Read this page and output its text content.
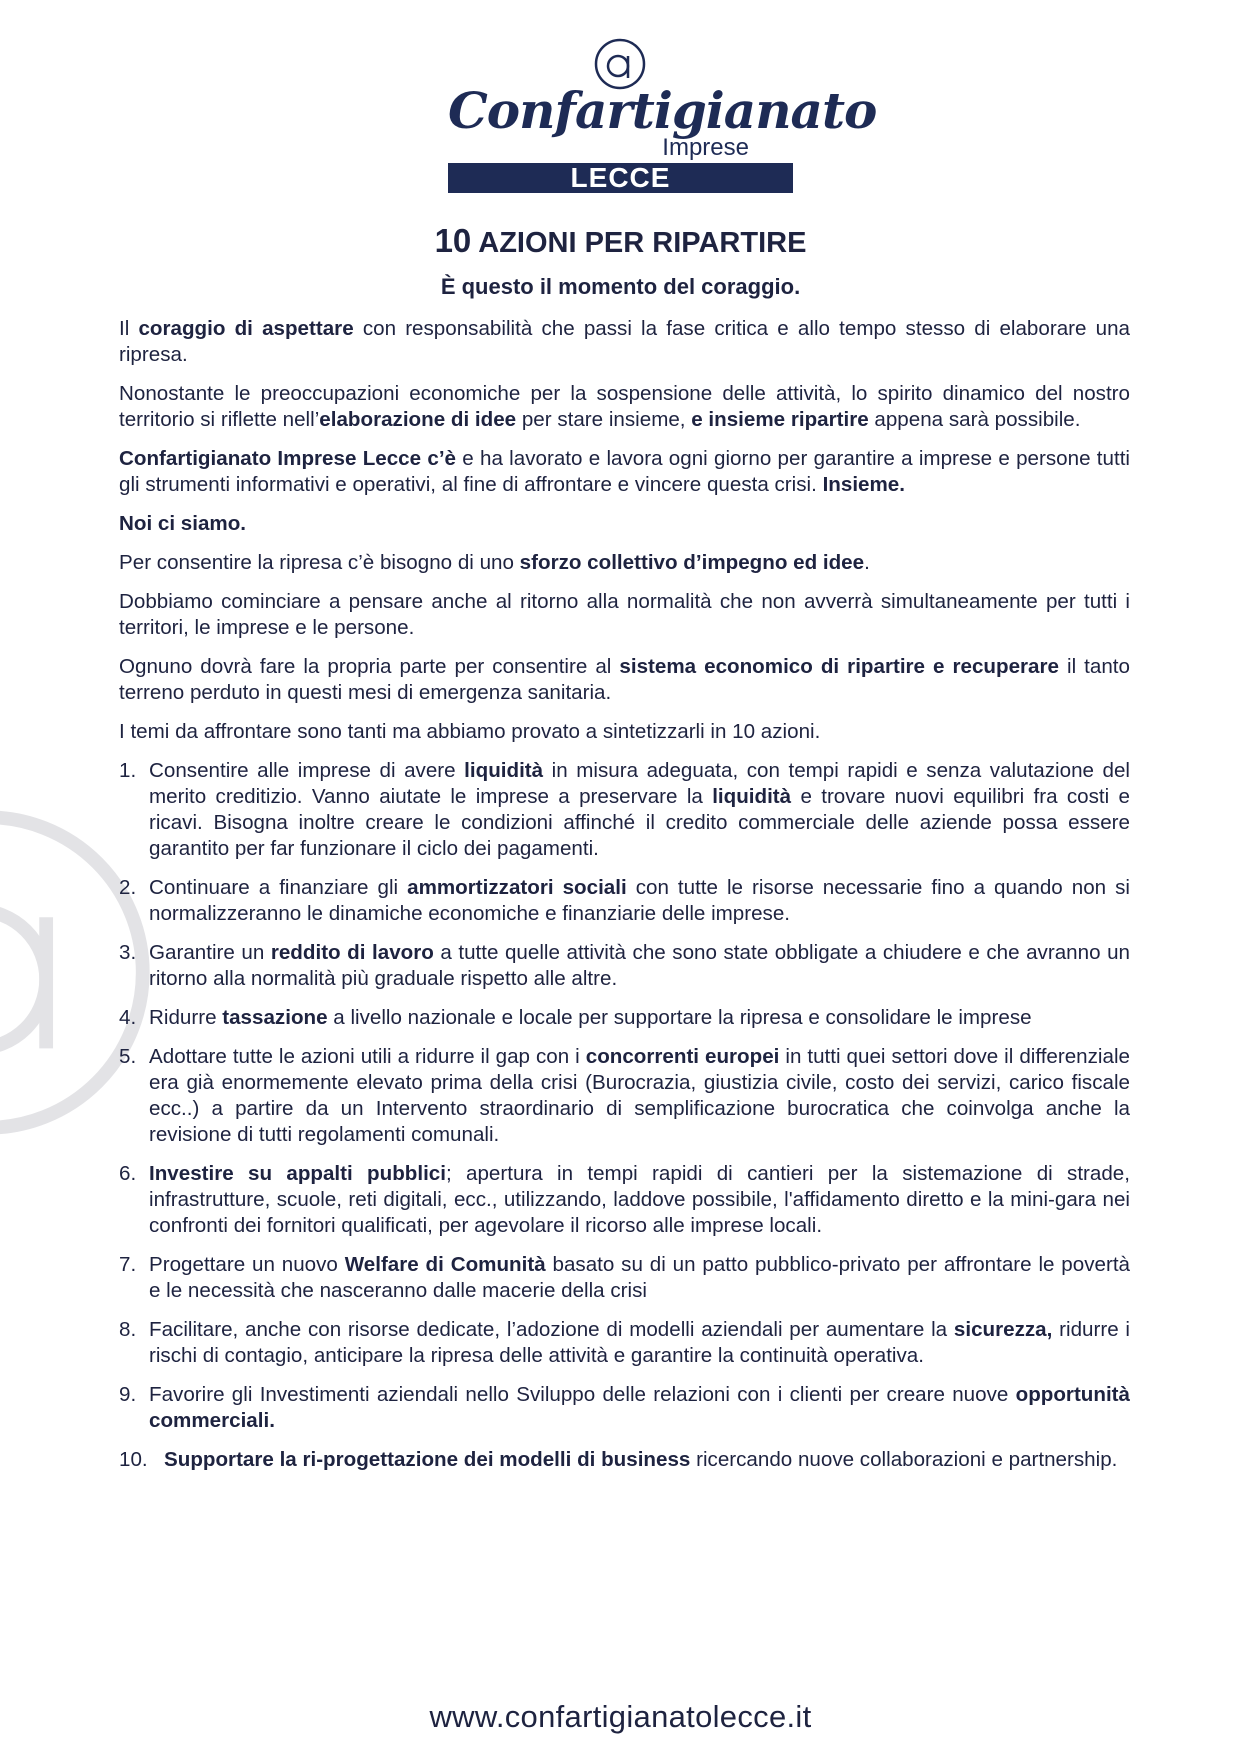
Confartigianato
Imprese
LECCE
10 AZIONI PER RIPARTIRE
È questo il momento del coraggio.

Il coraggio di aspettare con responsabilità che passi la fase critica e allo tempo stesso di elaborare una ripresa.

Nonostante le preoccupazioni economiche per la sospensione delle attività, lo spirito dinamico del nostro territorio si riflette nell’elaborazione di idee per stare insieme, e insieme ripartire appena sarà possibile.

Confartigianato Imprese Lecce c’è e ha lavorato e lavora ogni giorno per garantire a imprese e persone tutti gli strumenti informativi e operativi, al fine di affrontare e vincere questa crisi. Insieme.

Noi ci siamo.

Per consentire la ripresa c’è bisogno di uno sforzo collettivo d’impegno ed idee.

Dobbiamo cominciare a pensare anche al ritorno alla normalità che non avverrà simultaneamente per tutti i territori, le imprese e le persone.

Ognuno dovrà fare la propria parte per consentire al sistema economico di ripartire e recuperare il tanto terreno perduto in questi mesi di emergenza sanitaria.

I temi da affrontare sono tanti ma abbiamo provato a sintetizzarli in 10 azioni.

1. Consentire alle imprese di avere liquidità in misura adeguata, con tempi rapidi e senza valutazione del merito creditizio. Vanno aiutate le imprese a preservare la liquidità e trovare nuovi equilibri fra costi e ricavi. Bisogna inoltre creare le condizioni affinché il credito commerciale delle aziende possa essere garantito per far funzionare il ciclo dei pagamenti.
2. Continuare a finanziare gli ammortizzatori sociali con tutte le risorse necessarie fino a quando non si normalizzeranno le dinamiche economiche e finanziarie delle imprese.
3. Garantire un reddito di lavoro a tutte quelle attività che sono state obbligate a chiudere e che avranno un ritorno alla normalità più graduale rispetto alle altre.
4. Ridurre tassazione a livello nazionale e locale per supportare la ripresa e consolidare le imprese
5. Adottare tutte le azioni utili a ridurre il gap con i concorrenti europei in tutti quei settori dove il differenziale era già enormemente elevato prima della crisi (Burocrazia, giustizia civile, costo dei servizi, carico fiscale ecc..) a partire da un Intervento straordinario di semplificazione burocratica che coinvolga anche la revisione di tutti regolamenti comunali.
6. Investire su appalti pubblici; apertura in tempi rapidi di cantieri per la sistemazione di strade, infrastrutture, scuole, reti digitali, ecc., utilizzando, laddove possibile, l'affidamento diretto e la mini-gara nei confronti dei fornitori qualificati, per agevolare il ricorso alle imprese locali.
7. Progettare un nuovo Welfare di Comunità basato su di un patto pubblico-privato per affrontare le povertà e le necessità che nasceranno dalle macerie della crisi
8. Facilitare, anche con risorse dedicate, l’adozione di modelli aziendali per aumentare la sicurezza, ridurre i rischi di contagio, anticipare la ripresa delle attività e garantire la continuità operativa.
9. Favorire gli Investimenti aziendali nello Sviluppo delle relazioni con i clienti per creare nuove opportunità commerciali.
10. Supportare la ri-progettazione dei modelli di business ricercando nuove collaborazioni e partnership.
www.confartigianatolecce.it
